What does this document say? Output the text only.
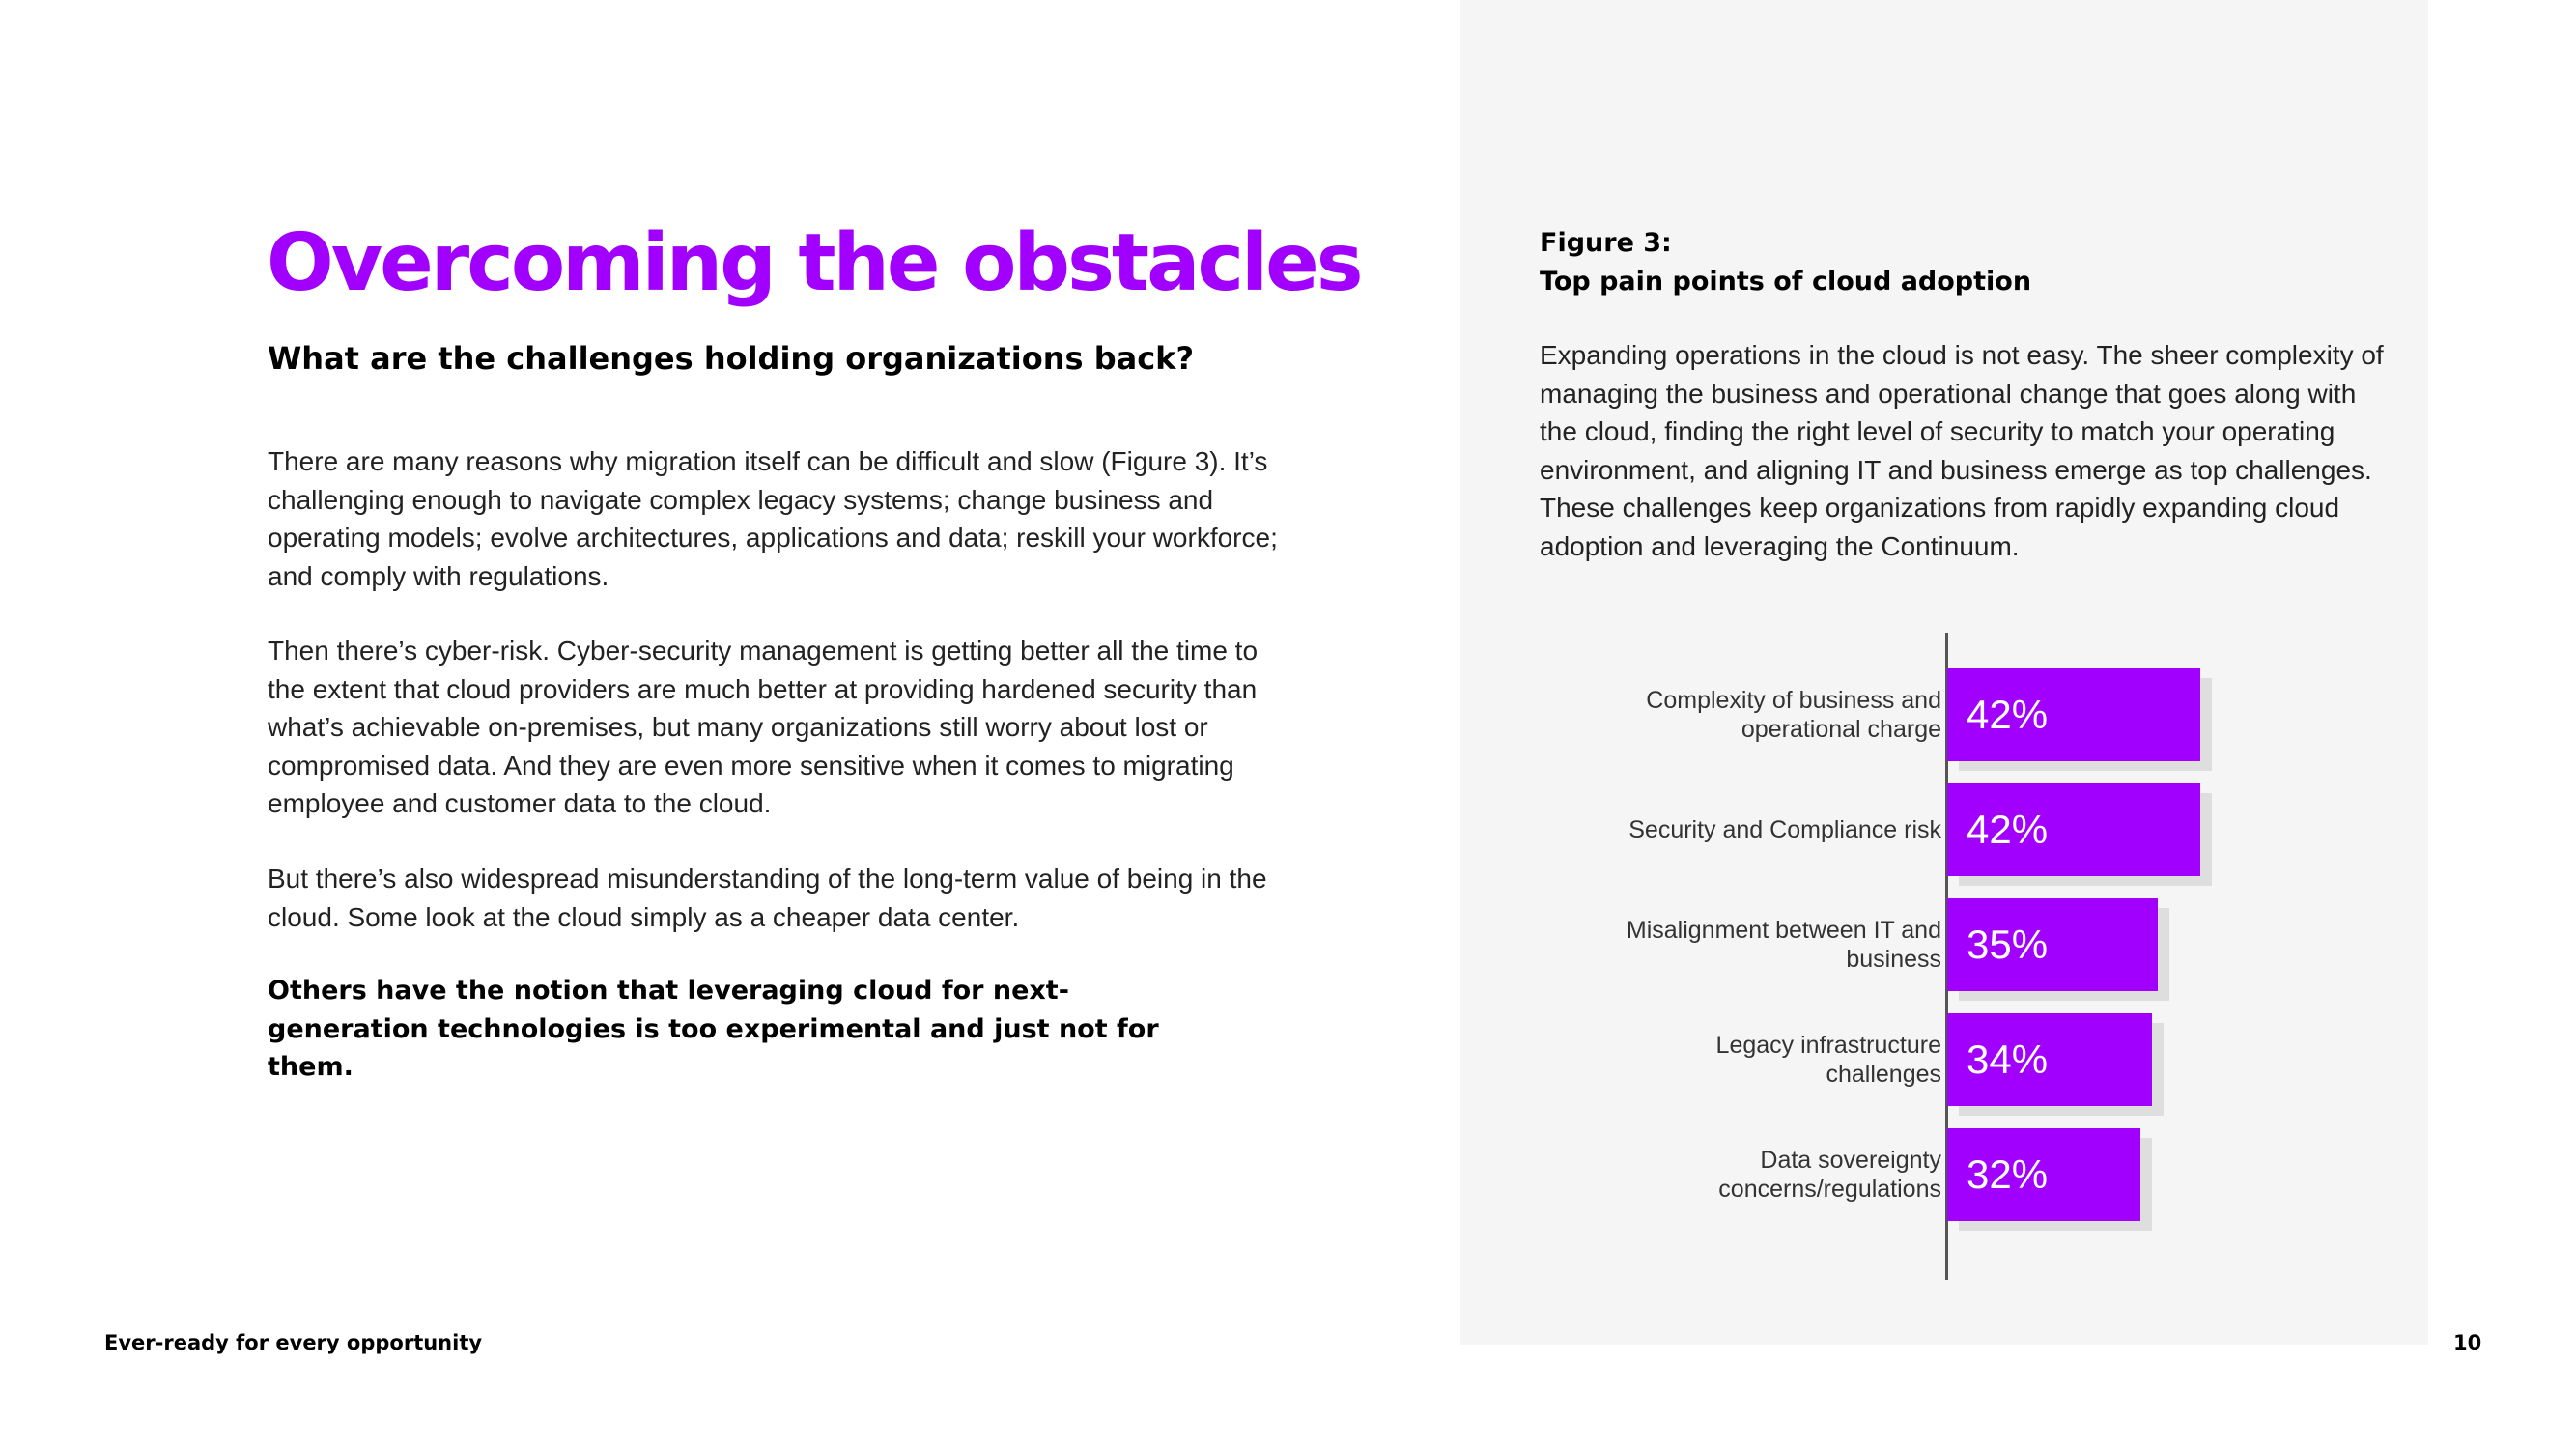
Overcoming the obstacles
What are the challenges holding organizations back?

There are many reasons why migration itself can be difficult and slow (Figure 3). It’s challenging enough to navigate complex legacy systems; change business and operating models; evolve architectures, applications and data; reskill your workforce; and comply with regulations.

Then there’s cyber-risk. Cyber-security management is getting better all the time to the extent that cloud providers are much better at providing hardened security than what’s achievable on-premises, but many organizations still worry about lost or compromised data. And they are even more sensitive when it comes to migrating employee and customer data to the cloud.

But there’s also widespread misunderstanding of the long-term value of being in the cloud. Some look at the cloud simply as a cheaper data center.

Others have the notion that leveraging cloud for next-generation technologies is too experimental and just not for them.

Figure 3:
Top pain points of cloud adoption

Expanding operations in the cloud is not easy. The sheer complexity of managing the business and operational change that goes along with the cloud, finding the right level of security to match your operating environment, and aligning IT and business emerge as top challenges. These challenges keep organizations from rapidly expanding cloud adoption and leveraging the Continuum.

Complexity of business and operational charge 42%
Security and Compliance risk 42%
Misalignment between IT and business 35%
Legacy infrastructure challenges 34%
Data sovereignty concerns/regulations 32%
Ever-ready for every opportunity	10
